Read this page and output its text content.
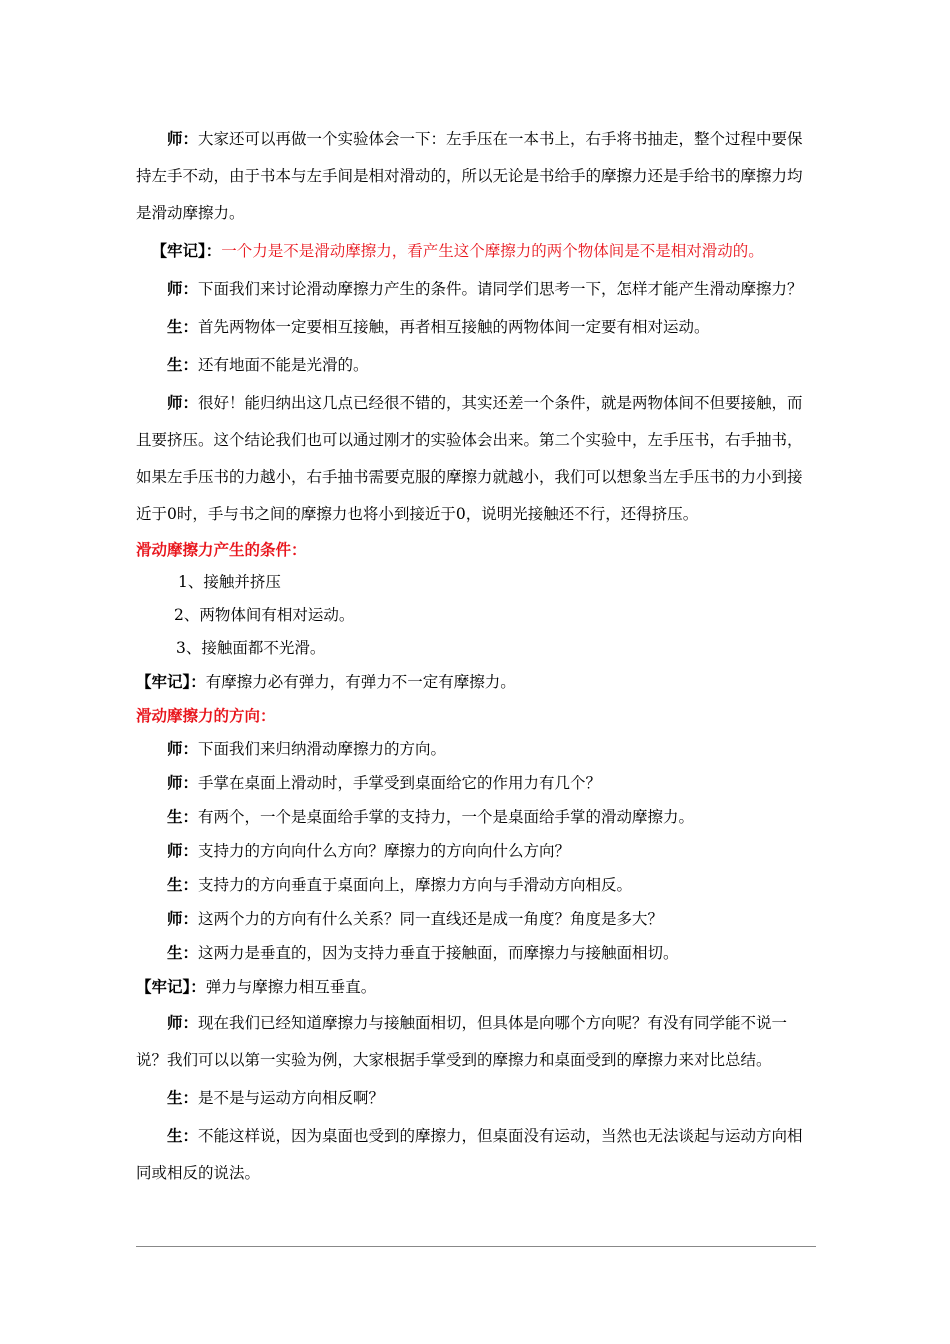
师：大家还可以再做一个实验体会一下：左手压在一本书上，右手将书抽走，整个过程中要保持左手不动，由于书本与左手间是相对滑动的，所以无论是书给手的摩擦力还是手给书的摩擦力均是滑动摩擦力。

【牢记】：一个力是不是滑动摩擦力，看产生这个摩擦力的两个物体间是不是相对滑动的。

师：下面我们来讨论滑动摩擦力产生的条件。请同学们思考一下，怎样才能产生滑动摩擦力？

生：首先两物体一定要相互接触，再者相互接触的两物体间一定要有相对运动。

生：还有地面不能是光滑的。

师：很好！能归纳出这几点已经很不错的，其实还差一个条件，就是两物体间不但要接触，而且要挤压。这个结论我们也可以通过刚才的实验体会出来。第二个实验中，左手压书，右手抽书，如果左手压书的力越小，右手抽书需要克服的摩擦力就越小，我们可以想象当左手压书的力小到接近于0时，手与书之间的摩擦力也将小到接近于0，说明光接触还不行，还得挤压。

滑动摩擦力产生的条件：

1、接触并挤压

2、两物体间有相对运动。

3、接触面都不光滑。

【牢记】：有摩擦力必有弹力，有弹力不一定有摩擦力。

滑动摩擦力的方向：

师：下面我们来归纳滑动摩擦力的方向。

师：手掌在桌面上滑动时，手掌受到桌面给它的作用力有几个？

生：有两个，一个是桌面给手掌的支持力，一个是桌面给手掌的滑动摩擦力。

师：支持力的方向向什么方向？摩擦力的方向向什么方向？

生：支持力的方向垂直于桌面向上，摩擦力方向与手滑动方向相反。

师：这两个力的方向有什么关系？同一直线还是成一角度？角度是多大？

生：这两力是垂直的，因为支持力垂直于接触面，而摩擦力与接触面相切。

【牢记】：弹力与摩擦力相互垂直。

师：现在我们已经知道摩擦力与接触面相切，但具体是向哪个方向呢？有没有同学能不说一说？我们可以以第一实验为例，大家根据手掌受到的摩擦力和桌面受到的摩擦力来对比总结。

生：是不是与运动方向相反啊？

生：不能这样说，因为桌面也受到的摩擦力，但桌面没有运动，当然也无法谈起与运动方向相同或相反的说法。
